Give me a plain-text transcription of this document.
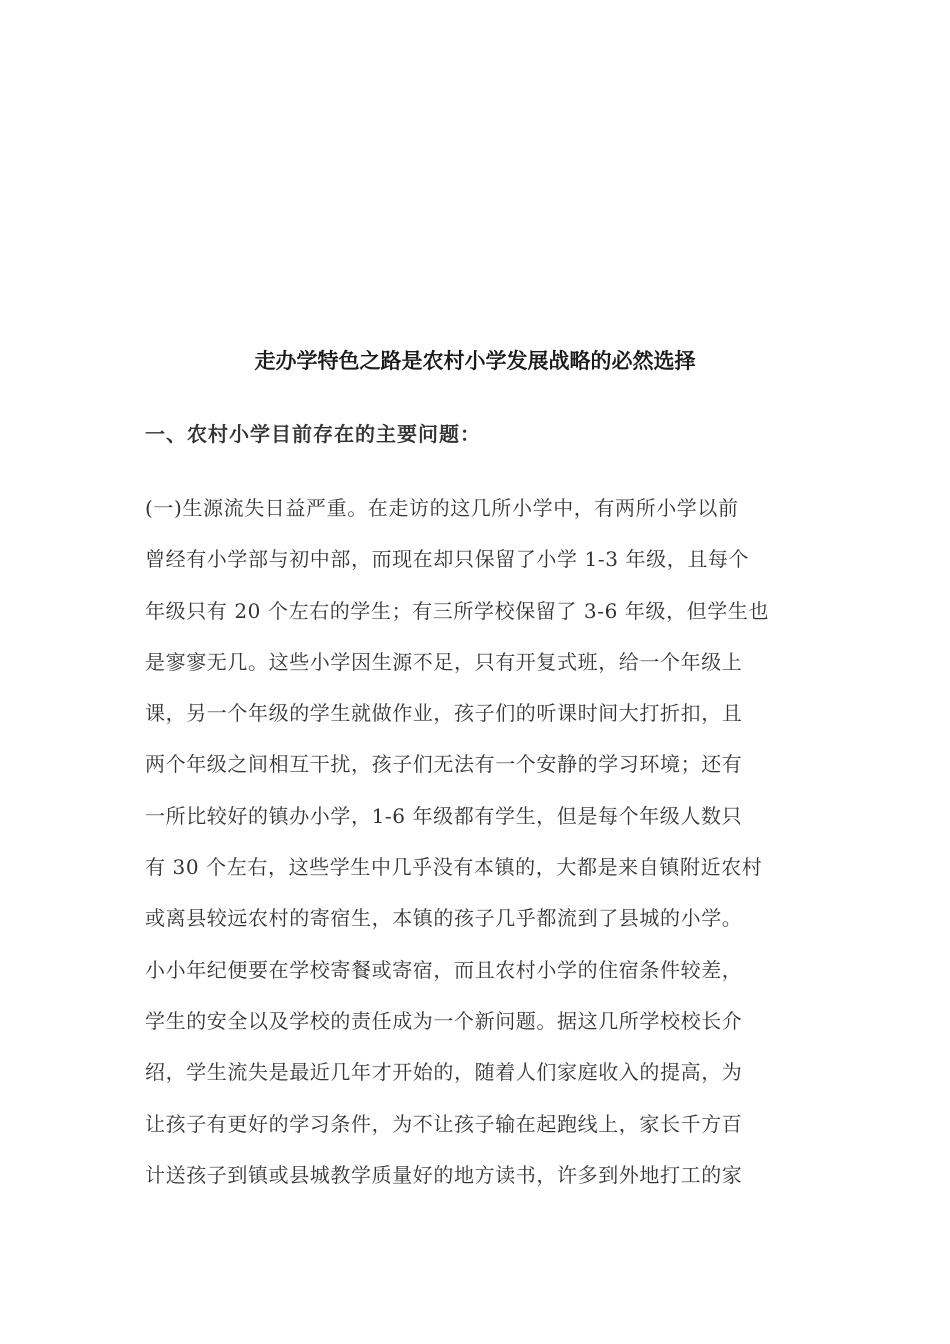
走办学特色之路是农村小学发展战略的必然选择
一、农村小学目前存在的主要问题：
(一)生源流失日益严重。在走访的这几所小学中，有两所小学以前
曾经有小学部与初中部，而现在却只保留了小学 1-3 年级，且每个
年级只有 20 个左右的学生；有三所学校保留了 3-6 年级，但学生也
是寥寥无几。这些小学因生源不足，只有开复式班，给一个年级上
课，另一个年级的学生就做作业，孩子们的听课时间大打折扣，且
两个年级之间相互干扰，孩子们无法有一个安静的学习环境；还有
一所比较好的镇办小学，1-6 年级都有学生，但是每个年级人数只
有 30 个左右，这些学生中几乎没有本镇的，大都是来自镇附近农村
或离县较远农村的寄宿生，本镇的孩子几乎都流到了县城的小学。
小小年纪便要在学校寄餐或寄宿，而且农村小学的住宿条件较差，
学生的安全以及学校的责任成为一个新问题。据这几所学校校长介
绍，学生流失是最近几年才开始的，随着人们家庭收入的提高，为
让孩子有更好的学习条件，为不让孩子输在起跑线上，家长千方百
计送孩子到镇或县城教学质量好的地方读书，许多到外地打工的家
